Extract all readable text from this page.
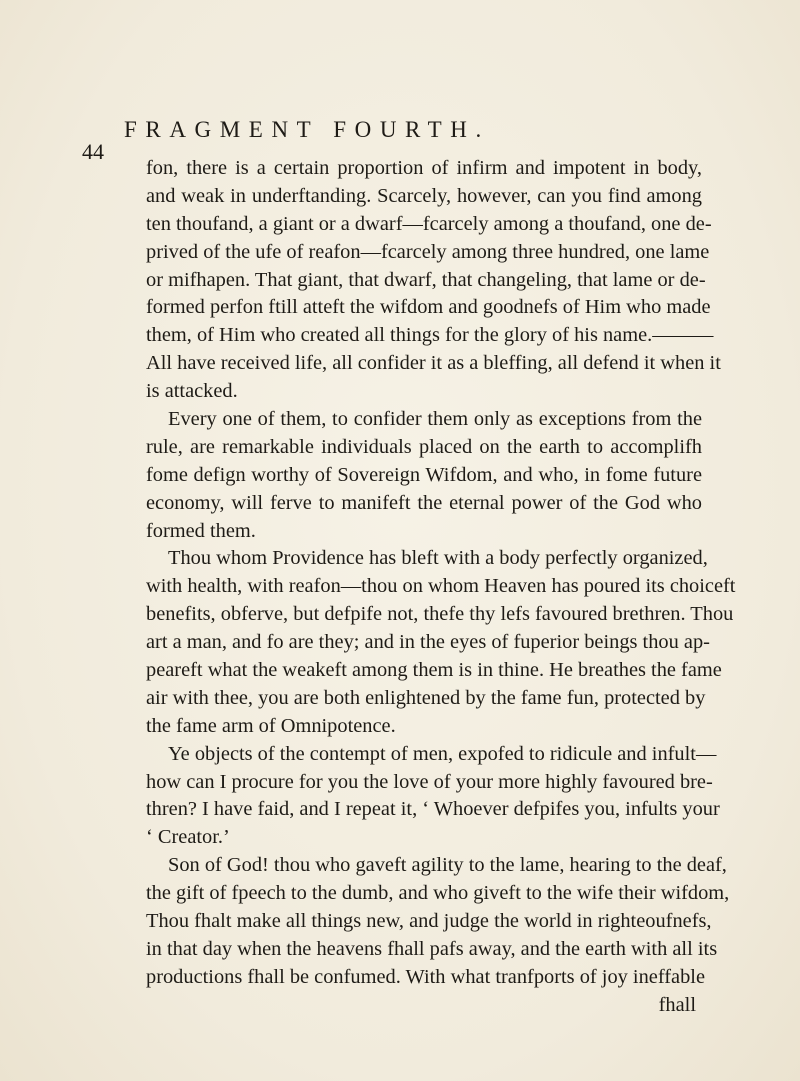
44
FRAGMENT FOURTH.
fon, there is a certain proportion of infirm and impotent in body,
and weak in underftanding. Scarcely, however, can you find among
ten thoufand, a giant or a dwarf—fcarcely among a thoufand, one de-
prived of the ufe of reafon—fcarcely among three hundred, one lame
or mifhapen. That giant, that dwarf, that changeling, that lame or de-
formed perfon ftill atteft the wifdom and goodnefs of Him who made
them, of Him who created all things for the glory of his name.———
All have received life, all confider it as a bleffing, all defend it when it
is attacked.
Every one of them, to confider them only as exceptions from the
rule, are remarkable individuals placed on the earth to accomplifh
fome defign worthy of Sovereign Wifdom, and who, in fome future
economy, will ferve to manifeft the eternal power of the God who
formed them.
Thou whom Providence has bleft with a body perfectly organized,
with health, with reafon—thou on whom Heaven has poured its choiceft
benefits, obferve, but defpife not, thefe thy lefs favoured brethren. Thou
art a man, and fo are they; and in the eyes of fuperior beings thou ap-
peareft what the weakeft among them is in thine. He breathes the fame
air with thee, you are both enlightened by the fame fun, protected by
the fame arm of Omnipotence.
Ye objects of the contempt of men, expofed to ridicule and infult—
how can I procure for you the love of your more highly favoured bre-
thren? I have faid, and I repeat it, ‘ Whoever defpifes you, infults your
‘ Creator.’
Son of God! thou who gaveft agility to the lame, hearing to the deaf,
the gift of fpeech to the dumb, and who giveft to the wife their wifdom,
Thou fhalt make all things new, and judge the world in righteoufnefs,
in that day when the heavens fhall pafs away, and the earth with all its
productions fhall be confumed. With what tranfports of joy ineffable
fhall
